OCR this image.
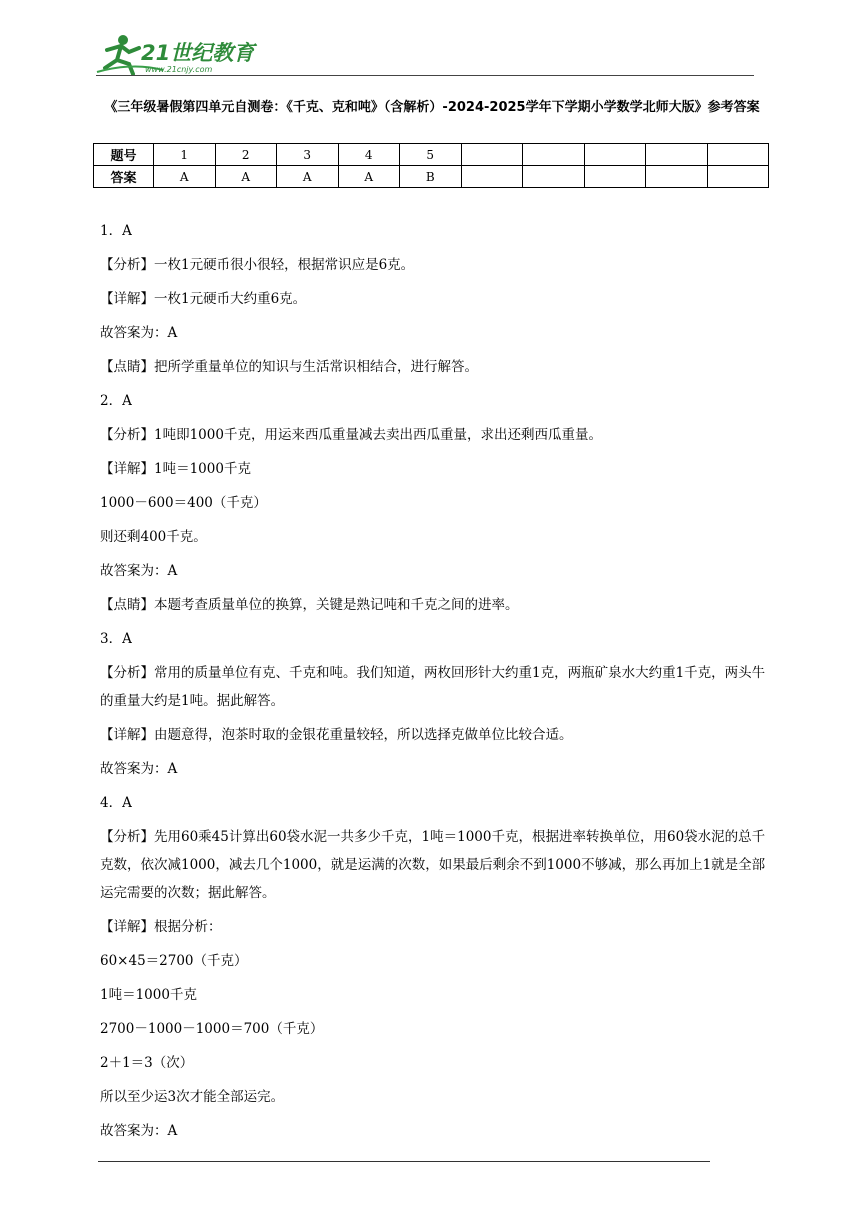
21世纪教育
www.21cnjy.com
《三年级暑假第四单元自测卷：《千克、克和吨》（含解析）-2024-2025学年下学期小学数学北师大版》参考答案
题号	1	2	3	4	5					
答案	A	A	A	A	B					

1．A

【分析】一枚1元硬币很小很轻，根据常识应是6克。

【详解】一枚1元硬币大约重6克。

故答案为：A

【点睛】把所学重量单位的知识与生活常识相结合，进行解答。

2．A

【分析】1吨即1000千克，用运来西瓜重量减去卖出西瓜重量，求出还剩西瓜重量。

【详解】1吨＝1000千克

1000－600＝400（千克）

则还剩400千克。

故答案为：A

【点睛】本题考查质量单位的换算，关键是熟记吨和千克之间的进率。

3．A

【分析】常用的质量单位有克、千克和吨。我们知道，两枚回形针大约重1克，两瓶矿泉水大约重1千克，两头牛的重量大约是1吨。据此解答。

【详解】由题意得，泡茶时取的金银花重量较轻，所以选择克做单位比较合适。

故答案为：A

4．A

【分析】先用60乘45计算出60袋水泥一共多少千克，1吨＝1000千克，根据进率转换单位，用60袋水泥的总千克数，依次减1000，减去几个1000，就是运满的次数，如果最后剩余不到1000不够减，那么再加上1就是全部运完需要的次数；据此解答。

【详解】根据分析：

60×45＝2700（千克）

1吨＝1000千克

2700－1000－1000＝700（千克）

2＋1＝3（次）

所以至少运3次才能全部运完。

故答案为：A
